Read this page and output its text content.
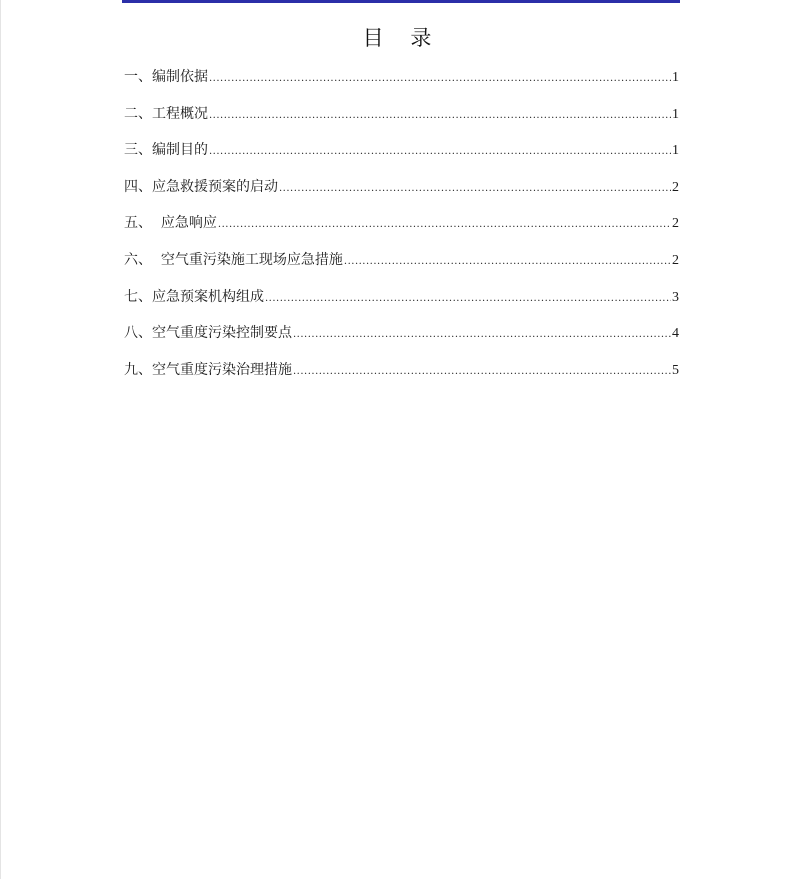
目 录
一、编制依据 .....	1
二、工程概况 .....	1
三、编制目的 .....	1
四、应急救援预案的启动 .....	2
五、  应急响应 .....	2
六、  空气重污染施工现场应急措施 .....	2
七、应急预案机构组成 .....	3
八、空气重度污染控制要点 .....	4
九、空气重度污染治理措施 .....	5
